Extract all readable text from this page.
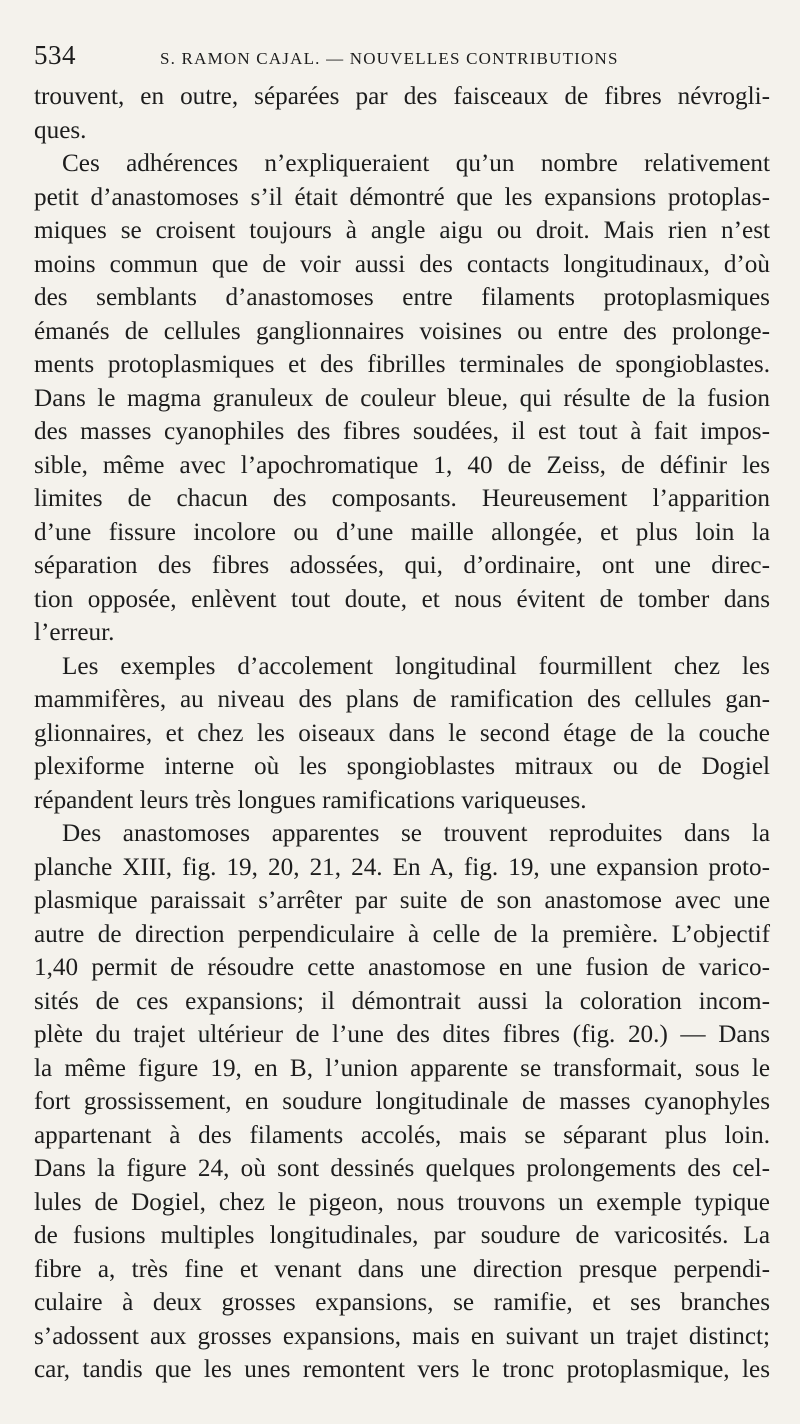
534	S. RAMON CAJAL. — NOUVELLES CONTRIBUTIONS
trouvent, en outre, séparées par des faisceaux de fibres névrogli-
ques.
Ces adhérences n’expliqueraient qu’un nombre relativement
petit d’anastomoses s’il était démontré que les expansions protoplas-
miques se croisent toujours à angle aigu ou droit. Mais rien n’est
moins commun que de voir aussi des contacts longitudinaux, d’où
des semblants d’anastomoses entre filaments protoplasmiques
émanés de cellules ganglionnaires voisines ou entre des prolonge-
ments protoplasmiques et des fibrilles terminales de spongioblastes.
Dans le magma granuleux de couleur bleue, qui résulte de la fusion
des masses cyanophiles des fibres soudées, il est tout à fait impos-
sible, même avec l’apochromatique 1, 40 de Zeiss, de définir les
limites de chacun des composants. Heureusement l’apparition
d’une fissure incolore ou d’une maille allongée, et plus loin la
séparation des fibres adossées, qui, d’ordinaire, ont une direc-
tion opposée, enlèvent tout doute, et nous évitent de tomber dans
l’erreur.
Les exemples d’accolement longitudinal fourmillent chez les
mammifères, au niveau des plans de ramification des cellules gan-
glionnaires, et chez les oiseaux dans le second étage de la couche
plexiforme interne où les spongioblastes mitraux ou de Dogiel
répandent leurs très longues ramifications variqueuses.
Des anastomoses apparentes se trouvent reproduites dans la
planche XIII, fig. 19, 20, 21, 24. En A, fig. 19, une expansion proto-
plasmique paraissait s’arrêter par suite de son anastomose avec une
autre de direction perpendiculaire à celle de la première. L’objectif
1,40 permit de résoudre cette anastomose en une fusion de varico-
sités de ces expansions; il démontrait aussi la coloration incom-
plète du trajet ultérieur de l’une des dites fibres (fig. 20.) — Dans
la même figure 19, en B, l’union apparente se transformait, sous le
fort grossissement, en soudure longitudinale de masses cyanophyles
appartenant à des filaments accolés, mais se séparant plus loin.
Dans la figure 24, où sont dessinés quelques prolongements des cel-
lules de Dogiel, chez le pigeon, nous trouvons un exemple typique
de fusions multiples longitudinales, par soudure de varicosités. La
fibre a, très fine et venant dans une direction presque perpendi-
culaire à deux grosses expansions, se ramifie, et ses branches
s’adossent aux grosses expansions, mais en suivant un trajet distinct;
car, tandis que les unes remontent vers le tronc protoplasmique, les
